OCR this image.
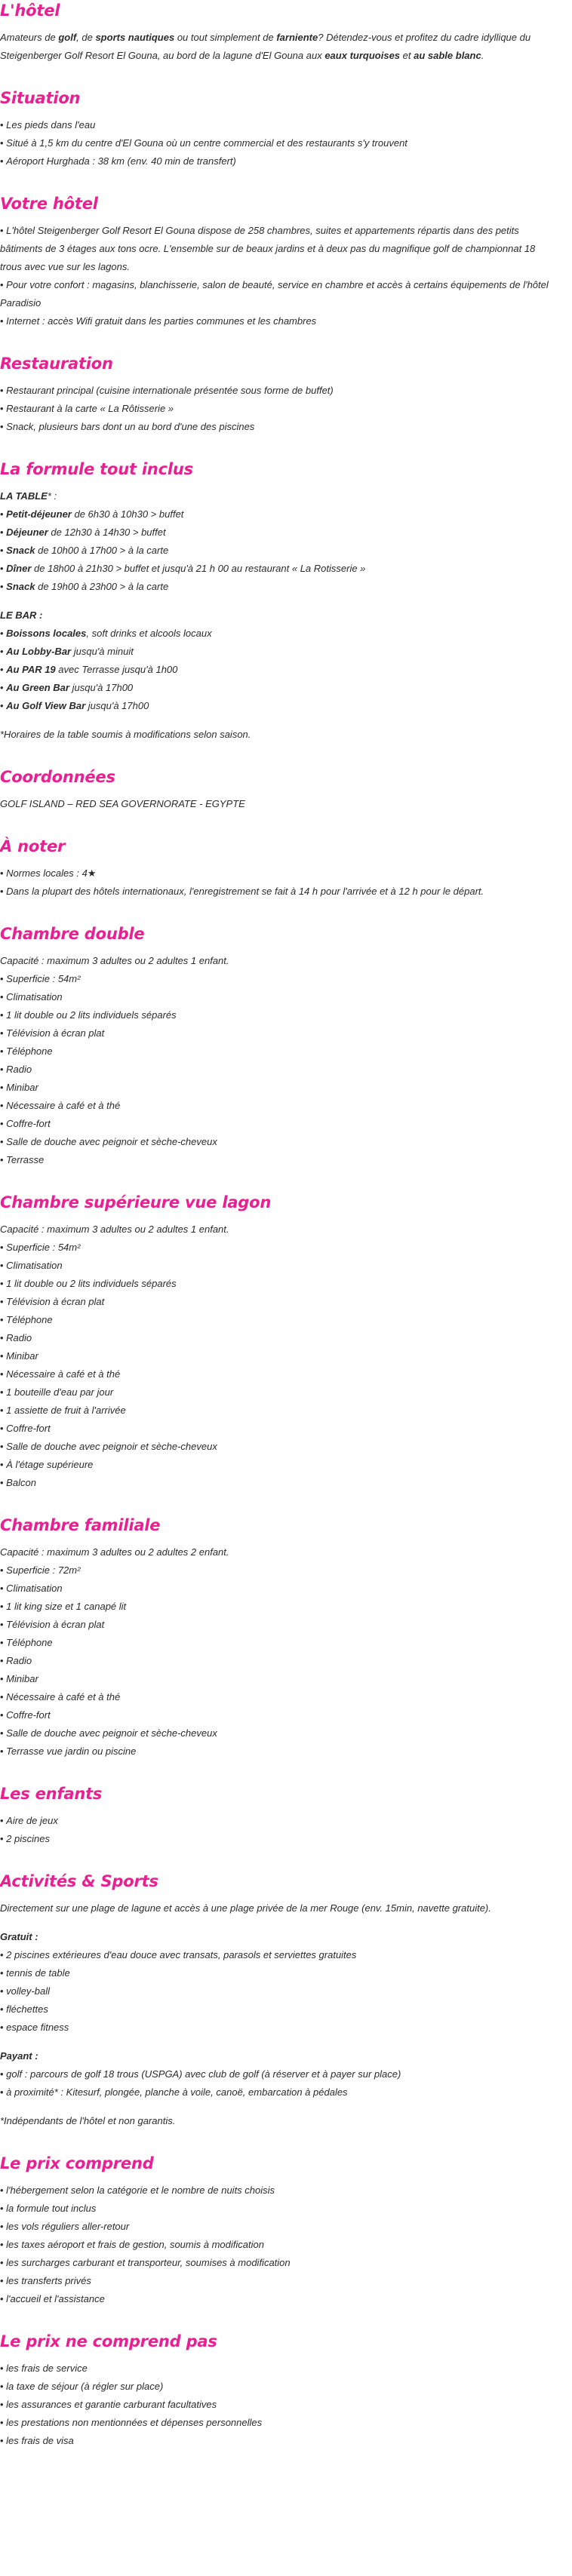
L'hôtel

Amateurs de golf, de sports nautiques ou tout simplement de farniente? Détendez-vous et profitez du cadre idyllique du Steigenberger Golf Resort El Gouna, au bord de la lagune d'El Gouna aux eaux turquoises et au sable blanc.

Situation
• Les pieds dans l'eau
• Situé à 1,5 km du centre d'El Gouna où un centre commercial et des restaurants s'y trouvent
• Aéroport Hurghada : 38 km (env. 40 min de transfert)
Votre hôtel
• L'hôtel Steigenberger Golf Resort El Gouna dispose de 258 chambres, suites et appartements répartis dans des petits bâtiments de 3 étages aux tons ocre. L'ensemble sur de beaux jardins et à deux pas du magnifique golf de championnat 18 trous avec vue sur les lagons.
• Pour votre confort : magasins, blanchisserie, salon de beauté, service en chambre et accès à certains équipements de l'hôtel Paradisio
• Internet : accès Wifi gratuit dans les parties communes et les chambres
Restauration
• Restaurant principal (cuisine internationale présentée sous forme de buffet)
• Restaurant à la carte « La Rôtisserie »
• Snack, plusieurs bars dont un au bord d'une des piscines
La formule tout inclus

LA TABLE* :

• Petit-déjeuner de 6h30 à 10h30 > buffet
• Déjeuner de 12h30 à 14h30 > buffet
• Snack de 10h00 à 17h00 > à la carte
• Dîner de 18h00 à 21h30 > buffet et jusqu'à 21 h 00 au restaurant « La Rotisserie »
• Snack de 19h00 à 23h00 > à la carte

LE BAR :

• Boissons locales, soft drinks et alcools locaux
• Au Lobby-Bar jusqu'à minuit
• Au PAR 19 avec Terrasse jusqu'à 1h00
• Au Green Bar jusqu'à 17h00
• Au Golf View Bar jusqu'à 17h00

*Horaires de la table soumis à modifications selon saison.

Coordonnées

GOLF ISLAND – RED SEA GOVERNORATE - EGYPTE

À noter
• Normes locales : 4★
• Dans la plupart des hôtels internationaux, l'enregistrement se fait à 14 h pour l'arrivée et à 12 h pour le départ.
Chambre double

Capacité : maximum 3 adultes ou 2 adultes 1 enfant.

• Superficie : 54m²
• Climatisation
• 1 lit double ou 2 lits individuels séparés
• Télévision à écran plat
• Téléphone
• Radio
• Minibar
• Nécessaire à café et à thé
• Coffre-fort
• Salle de douche avec peignoir et sèche-cheveux
• Terrasse
Chambre supérieure vue lagon

Capacité : maximum 3 adultes ou 2 adultes 1 enfant.

• Superficie : 54m²
• Climatisation
• 1 lit double ou 2 lits individuels séparés
• Télévision à écran plat
• Téléphone
• Radio
• Minibar
• Nécessaire à café et à thé
• 1 bouteille d'eau par jour
• 1 assiette de fruit à l'arrivée
• Coffre-fort
• Salle de douche avec peignoir et sèche-cheveux
• À l'étage supérieure
• Balcon
Chambre familiale

Capacité : maximum 3 adultes ou 2 adultes 2 enfant.

• Superficie : 72m²
• Climatisation
• 1 lit king size et 1 canapé lit
• Télévision à écran plat
• Téléphone
• Radio
• Minibar
• Nécessaire à café et à thé
• Coffre-fort
• Salle de douche avec peignoir et sèche-cheveux
• Terrasse vue jardin ou piscine
Les enfants
• Aire de jeux
• 2 piscines
Activités & Sports

Directement sur une plage de lagune et accès à une plage privée de la mer Rouge (env. 15min, navette gratuite).

Gratuit :

• 2 piscines extérieures d'eau douce avec transats, parasols et serviettes gratuites
• tennis de table
• volley-ball
• fléchettes
• espace fitness

Payant :

• golf : parcours de golf 18 trous (USPGA) avec club de golf (à réserver et à payer sur place)
• à proximité* : Kitesurf, plongée, planche à voile, canoë, embarcation à pédales

*Indépendants de l'hôtel et non garantis.

Le prix comprend
• l'hébergement selon la catégorie et le nombre de nuits choisis
• la formule tout inclus
• les vols réguliers aller-retour
• les taxes aéroport et frais de gestion, soumis à modification
• les surcharges carburant et transporteur, soumises à modification
• les transferts privés
• l'accueil et l'assistance
Le prix ne comprend pas
• les frais de service
• la taxe de séjour (à régler sur place)
• les assurances et garantie carburant facultatives
• les prestations non mentionnées et dépenses personnelles
• les frais de visa
